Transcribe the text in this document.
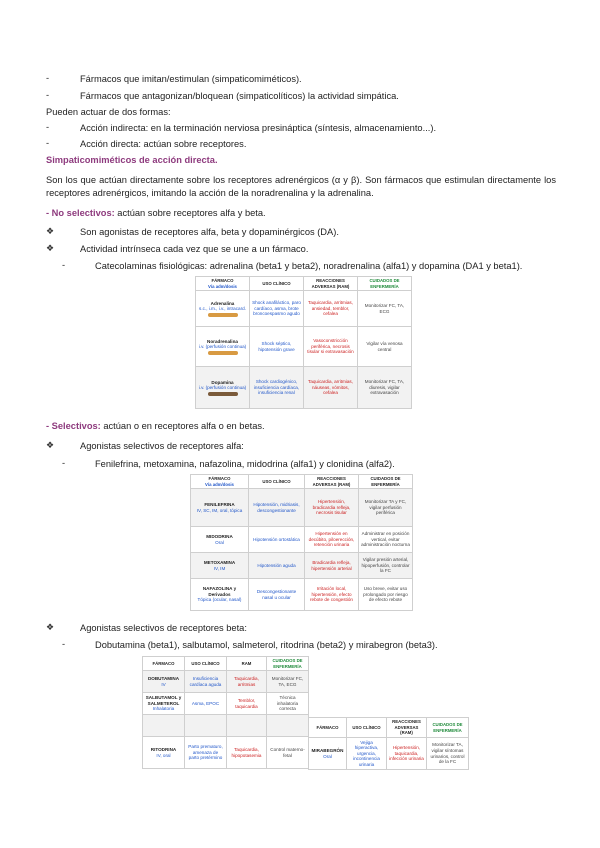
-	Fármacos que imitan/estimulan (simpaticomiméticos).
-	Fármacos que antagonizan/bloquean (simpaticolíticos) la actividad simpática.
Pueden actuar de dos formas:
-	Acción indirecta: en la terminación nerviosa presináptica (síntesis, almacenamiento...).
-	Acción directa: actúan sobre receptores.
Simpaticomiméticos de acción directa.
Son los que actúan directamente sobre los receptores adrenérgicos (α y β). Son fármacos que estimulan directamente los receptores adrenérgicos, imitando la acción de la noradrenalina y la adrenalina.
- No selectivos: actúan sobre receptores alfa y beta.
❖	Son agonistas de receptores alfa, beta y dopaminérgicos (DA).
❖	Actividad intrínseca cada vez que se une a un fármaco.
-	Catecolaminas fisiológicas: adrenalina (beta1 y beta2), noradrenalina (alfa1) y dopamina (DA1 y beta1).
FÁRMACO
Vía adm/dosis	USO CLÍNICO	REACCIONES ADVERSAS (RAM)	CUIDADOS DE ENFERMERÍA
Adrenalina
s.c., i.m., i.v., intracard.	Shock anafiláctico, paro cardíaco, asma, brote broncoespasmo agudo	Taquicardia, arritmias, ansiedad, temblor, cefalea	Monitorizar FC, TA, ECG
Noradrenalina
i.v. (perfusión continua)	Shock séptico, hipotensión grave	Vasoconstricción periférica, necrosis tisular si extravasación	Vigilar vía venosa central
Dopamina
i.v. (perfusión continua)	Shock cardiogénico, insuficiencia cardíaca, insuficiencia renal	Taquicardia, arritmias, náuseas, vómitos, cefalea	Monitorizar FC, TA, diuresis, vigilar extravasación
- Selectivos: actúan o en receptores alfa o en betas.
❖	Agonistas selectivos de receptores alfa:
-	Fenilefrina, metoxamina, nafazolina, midodrina (alfa1) y clonidina (alfa2).
FÁRMACO
Vía adm/dosis	USO CLÍNICO	REACCIONES ADVERSAS (RAM)	CUIDADOS DE ENFERMERÍA
FENILEFRINA
IV, SC, IM, oral, tópica	Hipotensión, midriasis, descongestionante	Hipertensión, bradicardia refleja, necrosis tisular	Monitorizar TA y FC, vigilar perfusión periférica
MIDODRINA
Oral	Hipotensión ortostática	Hipertensión en decúbito, piloerección, retención urinaria	Administrar en posición vertical, evitar administración nocturna
METOXAMINA
IV, IM	Hipotensión aguda	Bradicardia refleja, hipertensión arterial	Vigilar presión arterial, hipoperfusión, controlar la FC
NAFAZOLINA y Derivados
Tópica (ocular, nasal)	Descongestionante nasal u ocular	Irritación local, hipertensión, efecto rebote de congestión	Uso breve, evitar uso prolongado por riesgo de efecto rebote
❖	Agonistas selectivos de receptores beta:
-	Dobutamina (beta1), salbutamol, salmeterol, ritodrina (beta2) y mirabegron (beta3).
FÁRMACO	USO CLÍNICO	RAM	CUIDADOS DE ENFERMERÍA
DOBUTAMINA
IV	Insuficiencia cardíaca aguda	Taquicardia, arritmias	Monitorizar FC, TA, ECG
SALBUTAMOL y SALMETEROL
Inhalatoria	Asma, EPOC	Temblor, taquicardia	Técnica inhalatoria correcta

RITODRINA
IV, oral	Parto prematuro, amenaza de parto pretérmino	Taquicardia, hipopotasemia	Control materno-fetal
FÁRMACO	USO CLÍNICO	REACCIONES ADVERSAS (RAM)	CUIDADOS DE ENFERMERÍA
MIRABEGRÓN
Oral	Vejiga hiperactiva, urgencia, incontinencia urinaria	Hipertensión, taquicardia, infección urinaria	Monitorizar TA, vigilar síntomas urinarios, control de la FC
